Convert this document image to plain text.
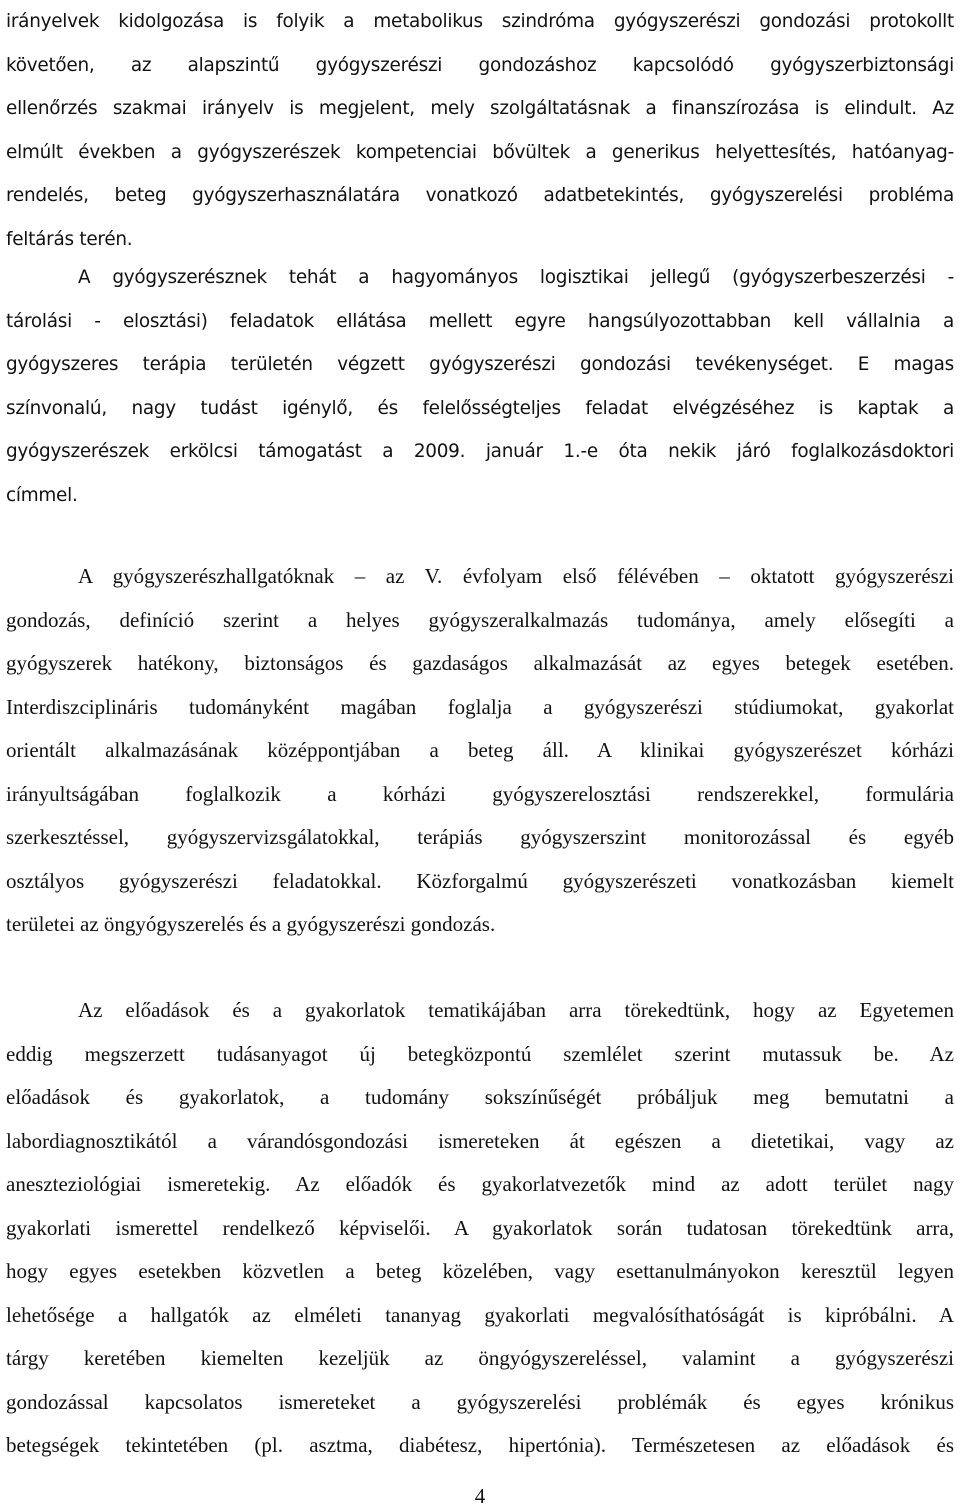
irányelvek kidolgozása is folyik a metabolikus szindróma gyógyszerészi gondozási protokollt
követően, az alapszintű gyógyszerészi gondozáshoz kapcsolódó gyógyszerbiztonsági
ellenőrzés szakmai irányelv is megjelent, mely szolgáltatásnak a finanszírozása is elindult. Az
elmúlt években a gyógyszerészek kompetenciai bővültek a generikus helyettesítés, hatóanyag-
rendelés, beteg gyógyszerhasználatára vonatkozó adatbetekintés, gyógyszerelési probléma
feltárás terén.
A gyógyszerésznek tehát a hagyományos logisztikai jellegű (gyógyszerbeszerzési -
tárolási - elosztási) feladatok ellátása mellett egyre hangsúlyozottabban kell vállalnia a
gyógyszeres terápia területén végzett gyógyszerészi gondozási tevékenységet. E magas
színvonalú, nagy tudást igénylő, és felelősségteljes feladat elvégzéséhez is kaptak a
gyógyszerészek erkölcsi támogatást a 2009. január 1.-e óta nekik járó foglalkozásdoktori
címmel.
A gyógyszerészhallgatóknak – az V. évfolyam első félévében – oktatott gyógyszerészi
gondozás, definíció szerint a helyes gyógyszeralkalmazás tudománya, amely elősegíti a
gyógyszerek hatékony, biztonságos és gazdaságos alkalmazását az egyes betegek esetében.
Interdiszciplináris tudományként magában foglalja a gyógyszerészi stúdiumokat, gyakorlat
orientált alkalmazásának középpontjában a beteg áll. A klinikai gyógyszerészet kórházi
irányultságában foglalkozik a kórházi gyógyszerelosztási rendszerekkel, formulária
szerkesztéssel, gyógyszervizsgálatokkal, terápiás gyógyszerszint monitorozással és egyéb
osztályos gyógyszerészi feladatokkal. Közforgalmú gyógyszerészeti vonatkozásban kiemelt
területei az öngyógyszerelés és a gyógyszerészi gondozás.
Az előadások és a gyakorlatok tematikájában arra törekedtünk, hogy az Egyetemen
eddig megszerzett tudásanyagot új betegközpontú szemlélet szerint mutassuk be. Az
előadások és gyakorlatok, a tudomány sokszínűségét próbáljuk meg bemutatni a
labordiagnosztikától a várandósgondozási ismereteken át egészen a dietetikai, vagy az
aneszteziológiai ismeretekig. Az előadók és gyakorlatvezetők mind az adott terület nagy
gyakorlati ismerettel rendelkező képviselői. A gyakorlatok során tudatosan törekedtünk arra,
hogy egyes esetekben közvetlen a beteg közelében, vagy esettanulmányokon keresztül legyen
lehetősége a hallgatók az elméleti tananyag gyakorlati megvalósíthatóságát is kipróbálni. A
tárgy keretében kiemelten kezeljük az öngyógyszereléssel, valamint a gyógyszerészi
gondozással kapcsolatos ismereteket a gyógyszerelési problémák és egyes krónikus
betegségek tekintetében (pl. asztma, diabétesz, hipertónia). Természetesen az előadások és
4
